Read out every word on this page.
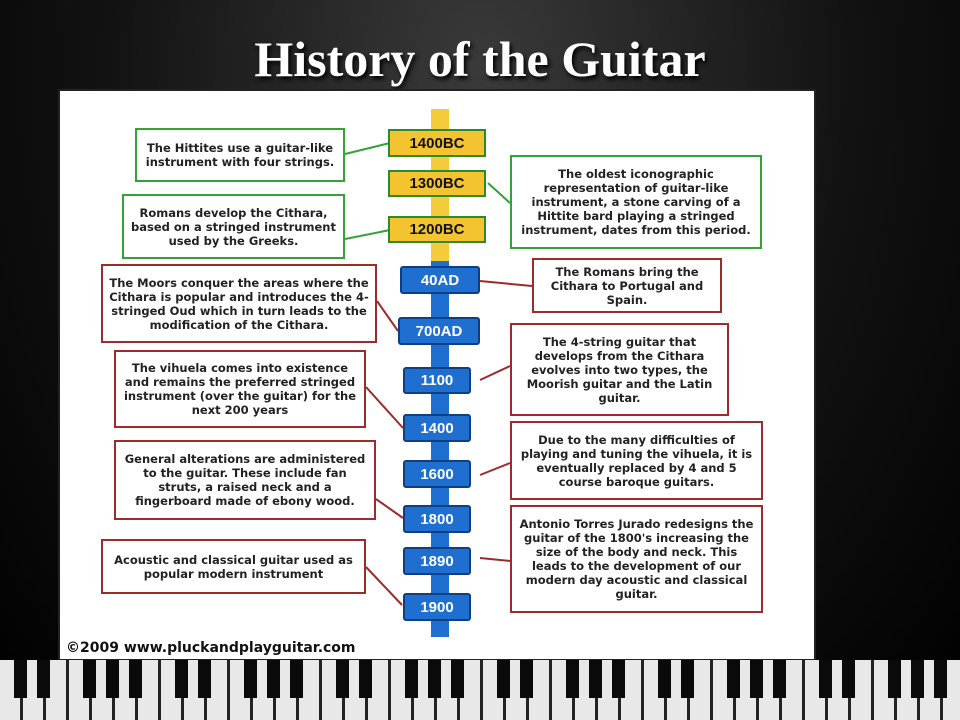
History of the Guitar
1400BC
1300BC
1200BC
40AD
700AD
1100
1400
1600
1800
1890
1900
The Hittites use a guitar-like instrument with four strings.
Romans develop the Cithara, based on a stringed instrument used by the Greeks.
The oldest iconographic representation of guitar-like instrument, a stone carving of a Hittite bard playing a stringed instrument, dates from this period.
The Moors conquer the areas where the Cithara is popular and introduces the 4-stringed Oud which in turn leads to the modification of the Cithara.
The Romans bring the Cithara to Portugal and Spain.
The vihuela comes into existence and remains the preferred stringed instrument (over the guitar) for the next 200 years
The 4-string guitar that develops from the Cithara evolves into two types, the Moorish guitar and the Latin guitar.
General alterations are administered to the guitar. These include fan struts, a raised neck and a fingerboard made of ebony wood.
Due to the many difficulties of playing and tuning the vihuela, it is eventually replaced by 4 and 5 course baroque guitars.
Acoustic and classical guitar used as popular modern instrument
Antonio Torres Jurado redesigns the guitar of the 1800's increasing the size of the body and neck. This leads to the development of our modern day acoustic and classical guitar.
©2009 www.pluckandplayguitar.com
